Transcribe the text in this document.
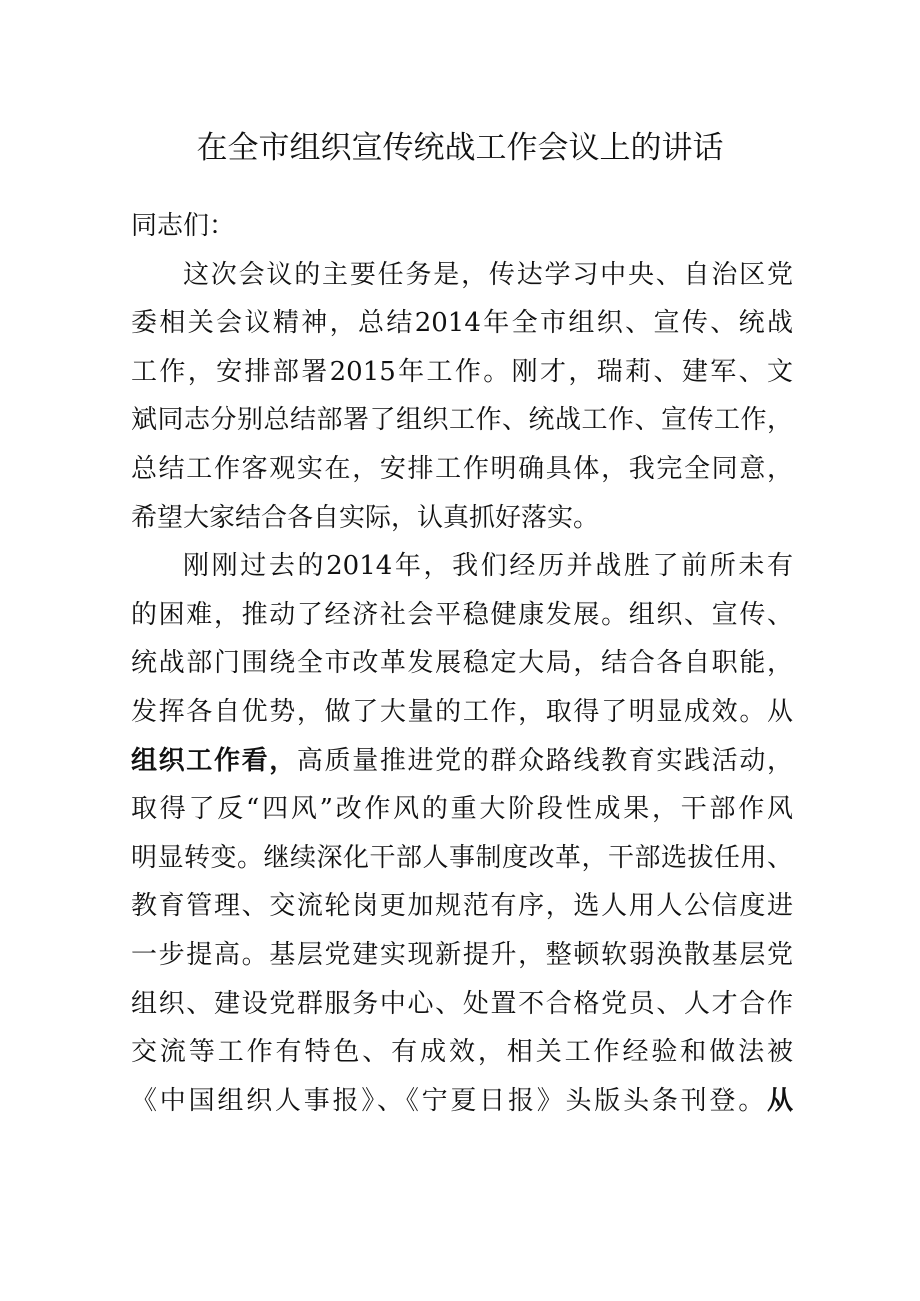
在全市组织宣传统战工作会议上的讲话
同志们：
这次会议的主要任务是，传达学习中央、自治区党
委相关会议精神，总结2014年全市组织、宣传、统战
工作，安排部署2015年工作。刚才，瑞莉、建军、文
斌同志分别总结部署了组织工作、统战工作、宣传工作，
总结工作客观实在，安排工作明确具体，我完全同意，
希望大家结合各自实际，认真抓好落实。
刚刚过去的2014年，我们经历并战胜了前所未有
的困难，推动了经济社会平稳健康发展。组织、宣传、
统战部门围绕全市改革发展稳定大局，结合各自职能，
发挥各自优势，做了大量的工作，取得了明显成效。从
组织工作看，高质量推进党的群众路线教育实践活动，
取得了反“四风”改作风的重大阶段性成果，干部作风
明显转变。继续深化干部人事制度改革，干部选拔任用、
教育管理、交流轮岗更加规范有序，选人用人公信度进
一步提高。基层党建实现新提升，整顿软弱涣散基层党
组织、建设党群服务中心、处置不合格党员、人才合作
交流等工作有特色、有成效，相关工作经验和做法被
《中国组织人事报》、《宁夏日报》头版头条刊登。从
